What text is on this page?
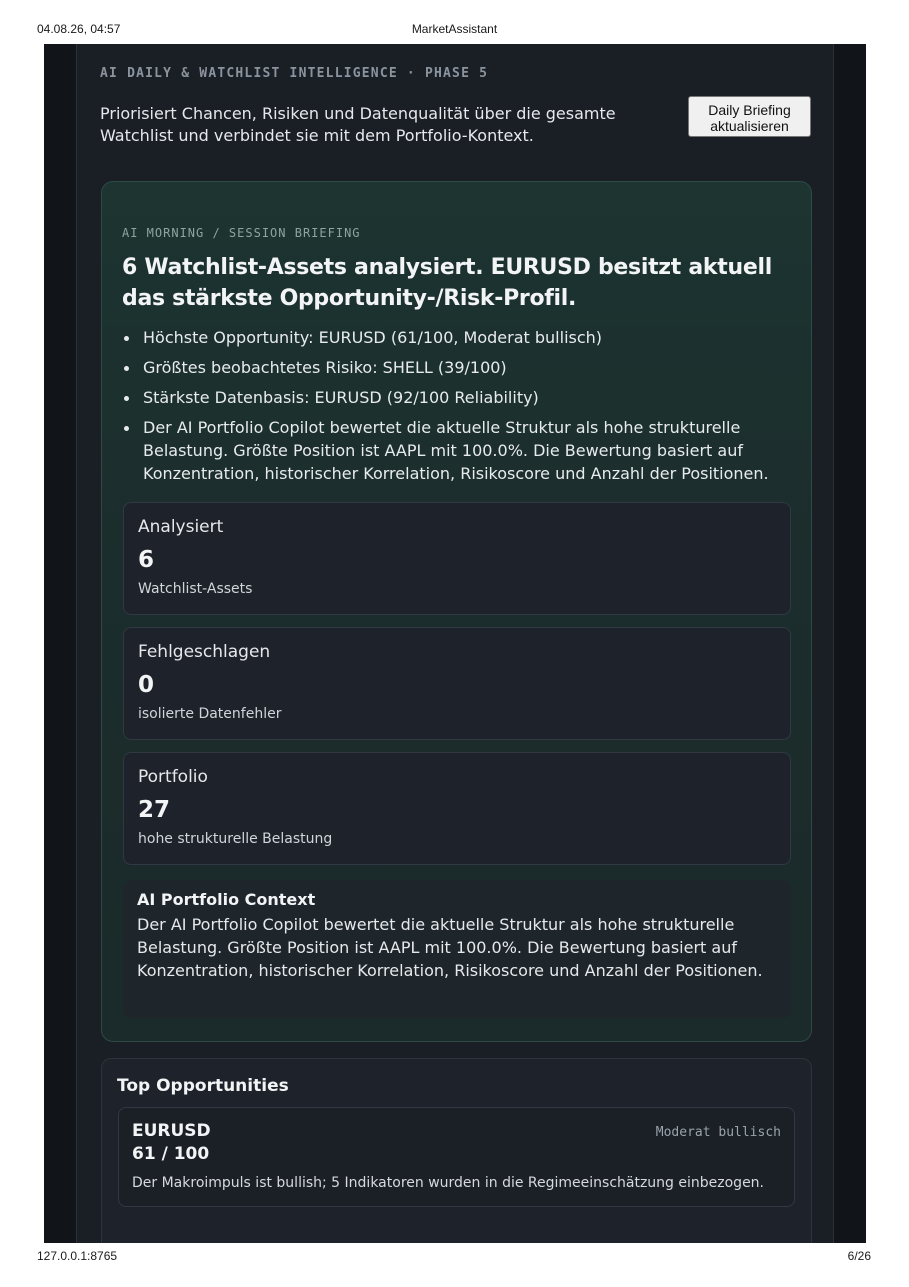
04.08.26, 04:57	MarketAssistant
AI DAILY & WATCHLIST INTELLIGENCE · PHASE 5
Priorisiert Chancen, Risiken und Datenqualität über die gesamte Watchlist und verbindet sie mit dem Portfolio-Kontext.
Daily Briefing
aktualisieren
AI MORNING / SESSION BRIEFING
6 Watchlist-Assets analysiert. EURUSD besitzt aktuell das stärkste Opportunity-/Risk-Profil.
Höchste Opportunity: EURUSD (61/100, Moderat bullisch)
Größtes beobachtetes Risiko: SHELL (39/100)
Stärkste Datenbasis: EURUSD (92/100 Reliability)
Der AI Portfolio Copilot bewertet die aktuelle Struktur als hohe strukturelle Belastung. Größte Position ist AAPL mit 100.0%. Die Bewertung basiert auf Konzentration, historischer Korrelation, Risikoscore und Anzahl der Positionen.
Analysiert
6
Watchlist-Assets
Fehlgeschlagen
0
isolierte Datenfehler
Portfolio
27
hohe strukturelle Belastung
AI Portfolio Context
Der AI Portfolio Copilot bewertet die aktuelle Struktur als hohe strukturelle Belastung. Größte Position ist AAPL mit 100.0%. Die Bewertung basiert auf Konzentration, historischer Korrelation, Risikoscore und Anzahl der Positionen.
Top Opportunities
EURUSD
61 / 100
Moderat bullisch
Der Makroimpuls ist bullish; 5 Indikatoren wurden in die Regimeeinschätzung einbezogen.
127.0.0.1:8765	6/26
